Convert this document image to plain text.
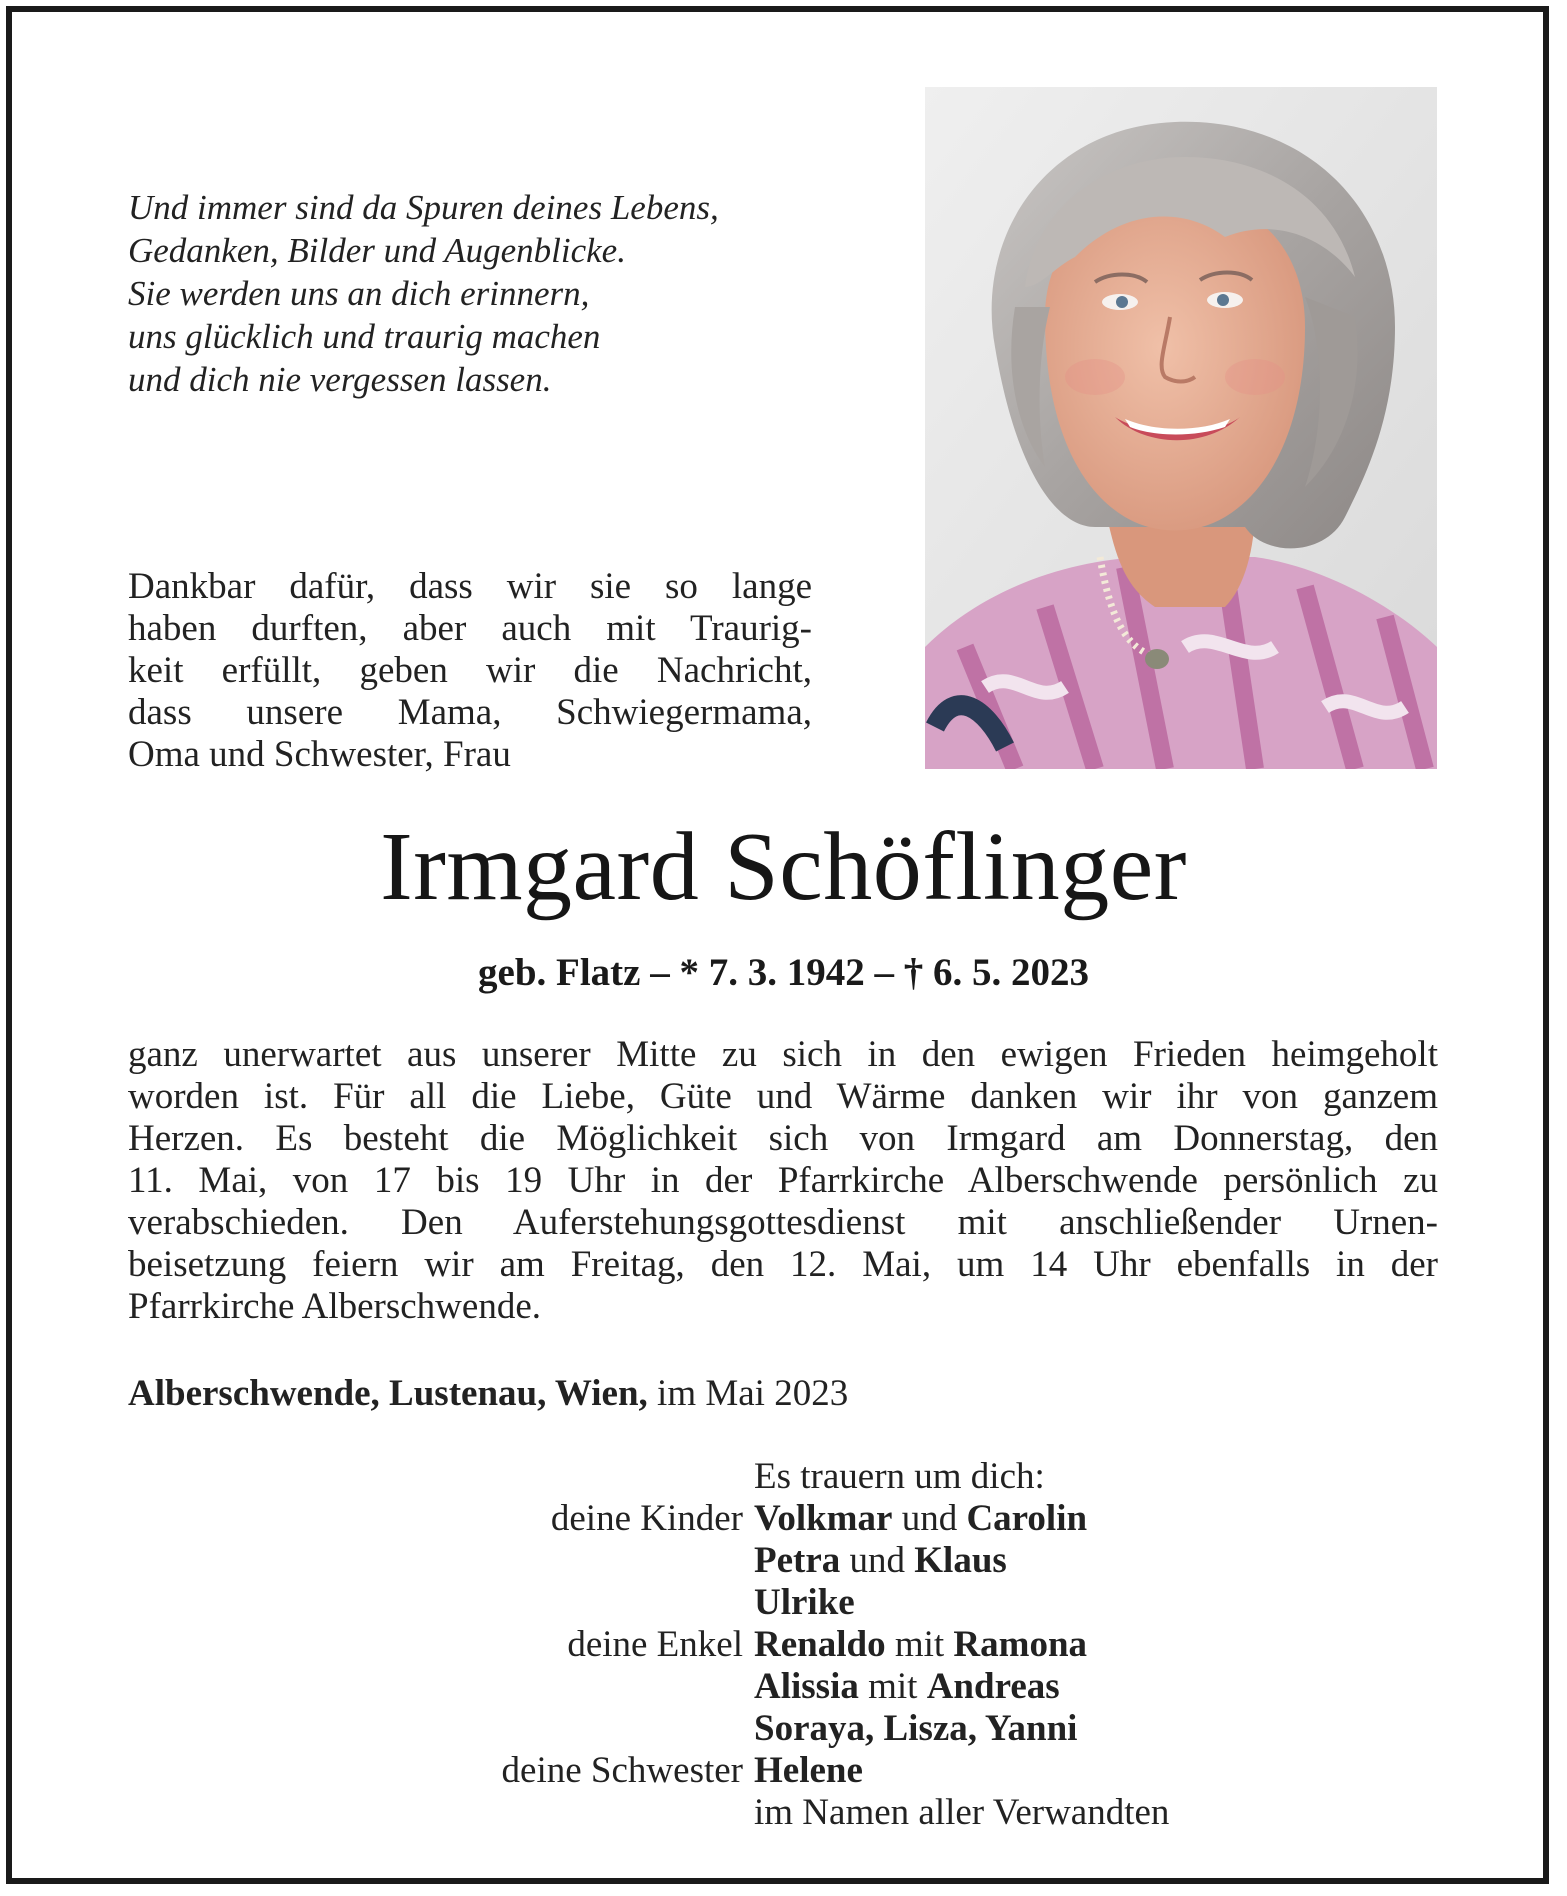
Und immer sind da Spuren deines Lebens,
Gedanken, Bilder und Augenblicke.
Sie werden uns an dich erinnern,
uns glücklich und traurig machen
und dich nie vergessen lassen.
Dankbar dafür, dass wir sie so lange
haben durften, aber auch mit Traurig-
keit erfüllt, geben wir die Nachricht,
dass unsere Mama, Schwiegermama,
Oma und Schwester, Frau
Irmgard Schöflinger
geb. Flatz – * 7. 3. 1942 – † 6. 5. 2023
ganz unerwartet aus unserer Mitte zu sich in den ewigen Frieden heimgeholt
worden ist. Für all die Liebe, Güte und Wärme danken wir ihr von ganzem
Herzen. Es besteht die Möglichkeit sich von Irmgard am Donnerstag, den
11. Mai, von 17 bis 19 Uhr in der Pfarrkirche Alberschwende persönlich zu
verabschieden. Den Auferstehungsgottesdienst mit anschließender Urnen-
beisetzung feiern wir am Freitag, den 12. Mai, um 14 Uhr ebenfalls in der
Pfarrkirche Alberschwende.
Alberschwende, Lustenau, Wien, im Mai 2023
Es trauern um dich:
deine Kinder Volkmar und Carolin
Petra und Klaus
Ulrike
deine Enkel Renaldo mit Ramona
Alissia mit Andreas
Soraya, Lisza, Yanni
deine Schwester Helene
im Namen aller Verwandten
